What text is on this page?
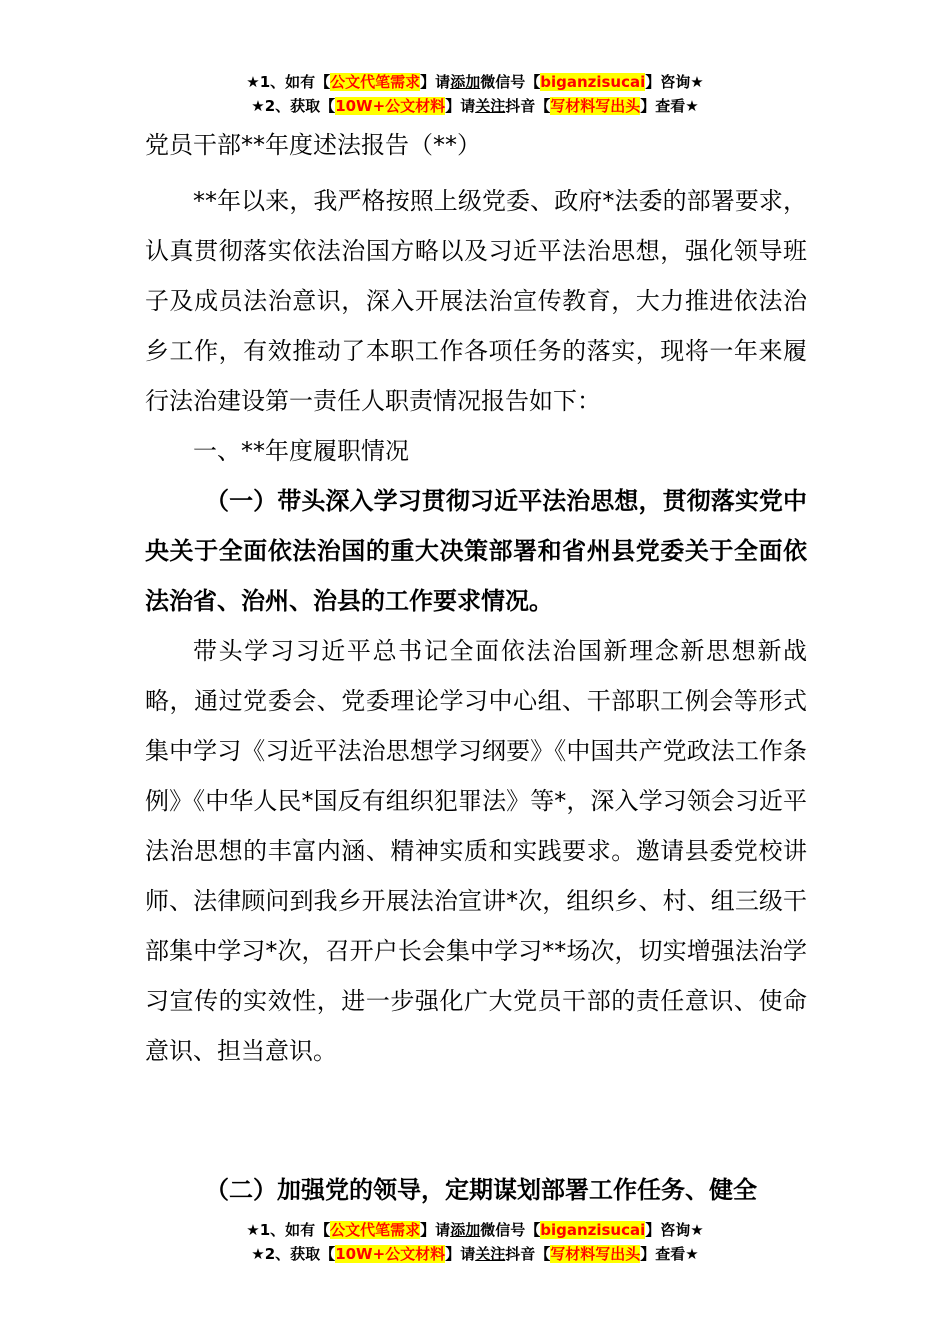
★1、如有【公文代笔需求】请添加微信号【biganzisucai】咨询★
★2、获取【10W+公文材料】请关注抖音【写材料写出头】查看★

党员干部**年度述法报告（**）

**年以来，我严格按照上级党委、政府*法委的部署要求，认真贯彻落实依法治国方略以及习近平法治思想，强化领导班子及成员法治意识，深入开展法治宣传教育，大力推进依法治乡工作，有效推动了本职工作各项任务的落实，现将一年来履行法治建设第一责任人职责情况报告如下：

一、**年度履职情况

（一）带头深入学习贯彻习近平法治思想，贯彻落实党中央关于全面依法治国的重大决策部署和省州县党委关于全面依法治省、治州、治县的工作要求情况。

带头学习习近平总书记全面依法治国新理念新思想新战略，通过党委会、党委理论学习中心组、干部职工例会等形式集中学习《习近平法治思想学习纲要》《中国共产党政法工作条例》《中华人民*国反有组织犯罪法》等*，深入学习领会习近平法治思想的丰富内涵、精神实质和实践要求。邀请县委党校讲师、法律顾问到我乡开展法治宣讲*次，组织乡、村、组三级干部集中学习*次，召开户长会集中学习**场次，切实增强法治学习宣传的实效性，进一步强化广大党员干部的责任意识、使命意识、担当意识。

（二）加强党的领导，定期谋划部署工作任务、健全
★1、如有【公文代笔需求】请添加微信号【biganzisucai】咨询★
★2、获取【10W+公文材料】请关注抖音【写材料写出头】查看★
